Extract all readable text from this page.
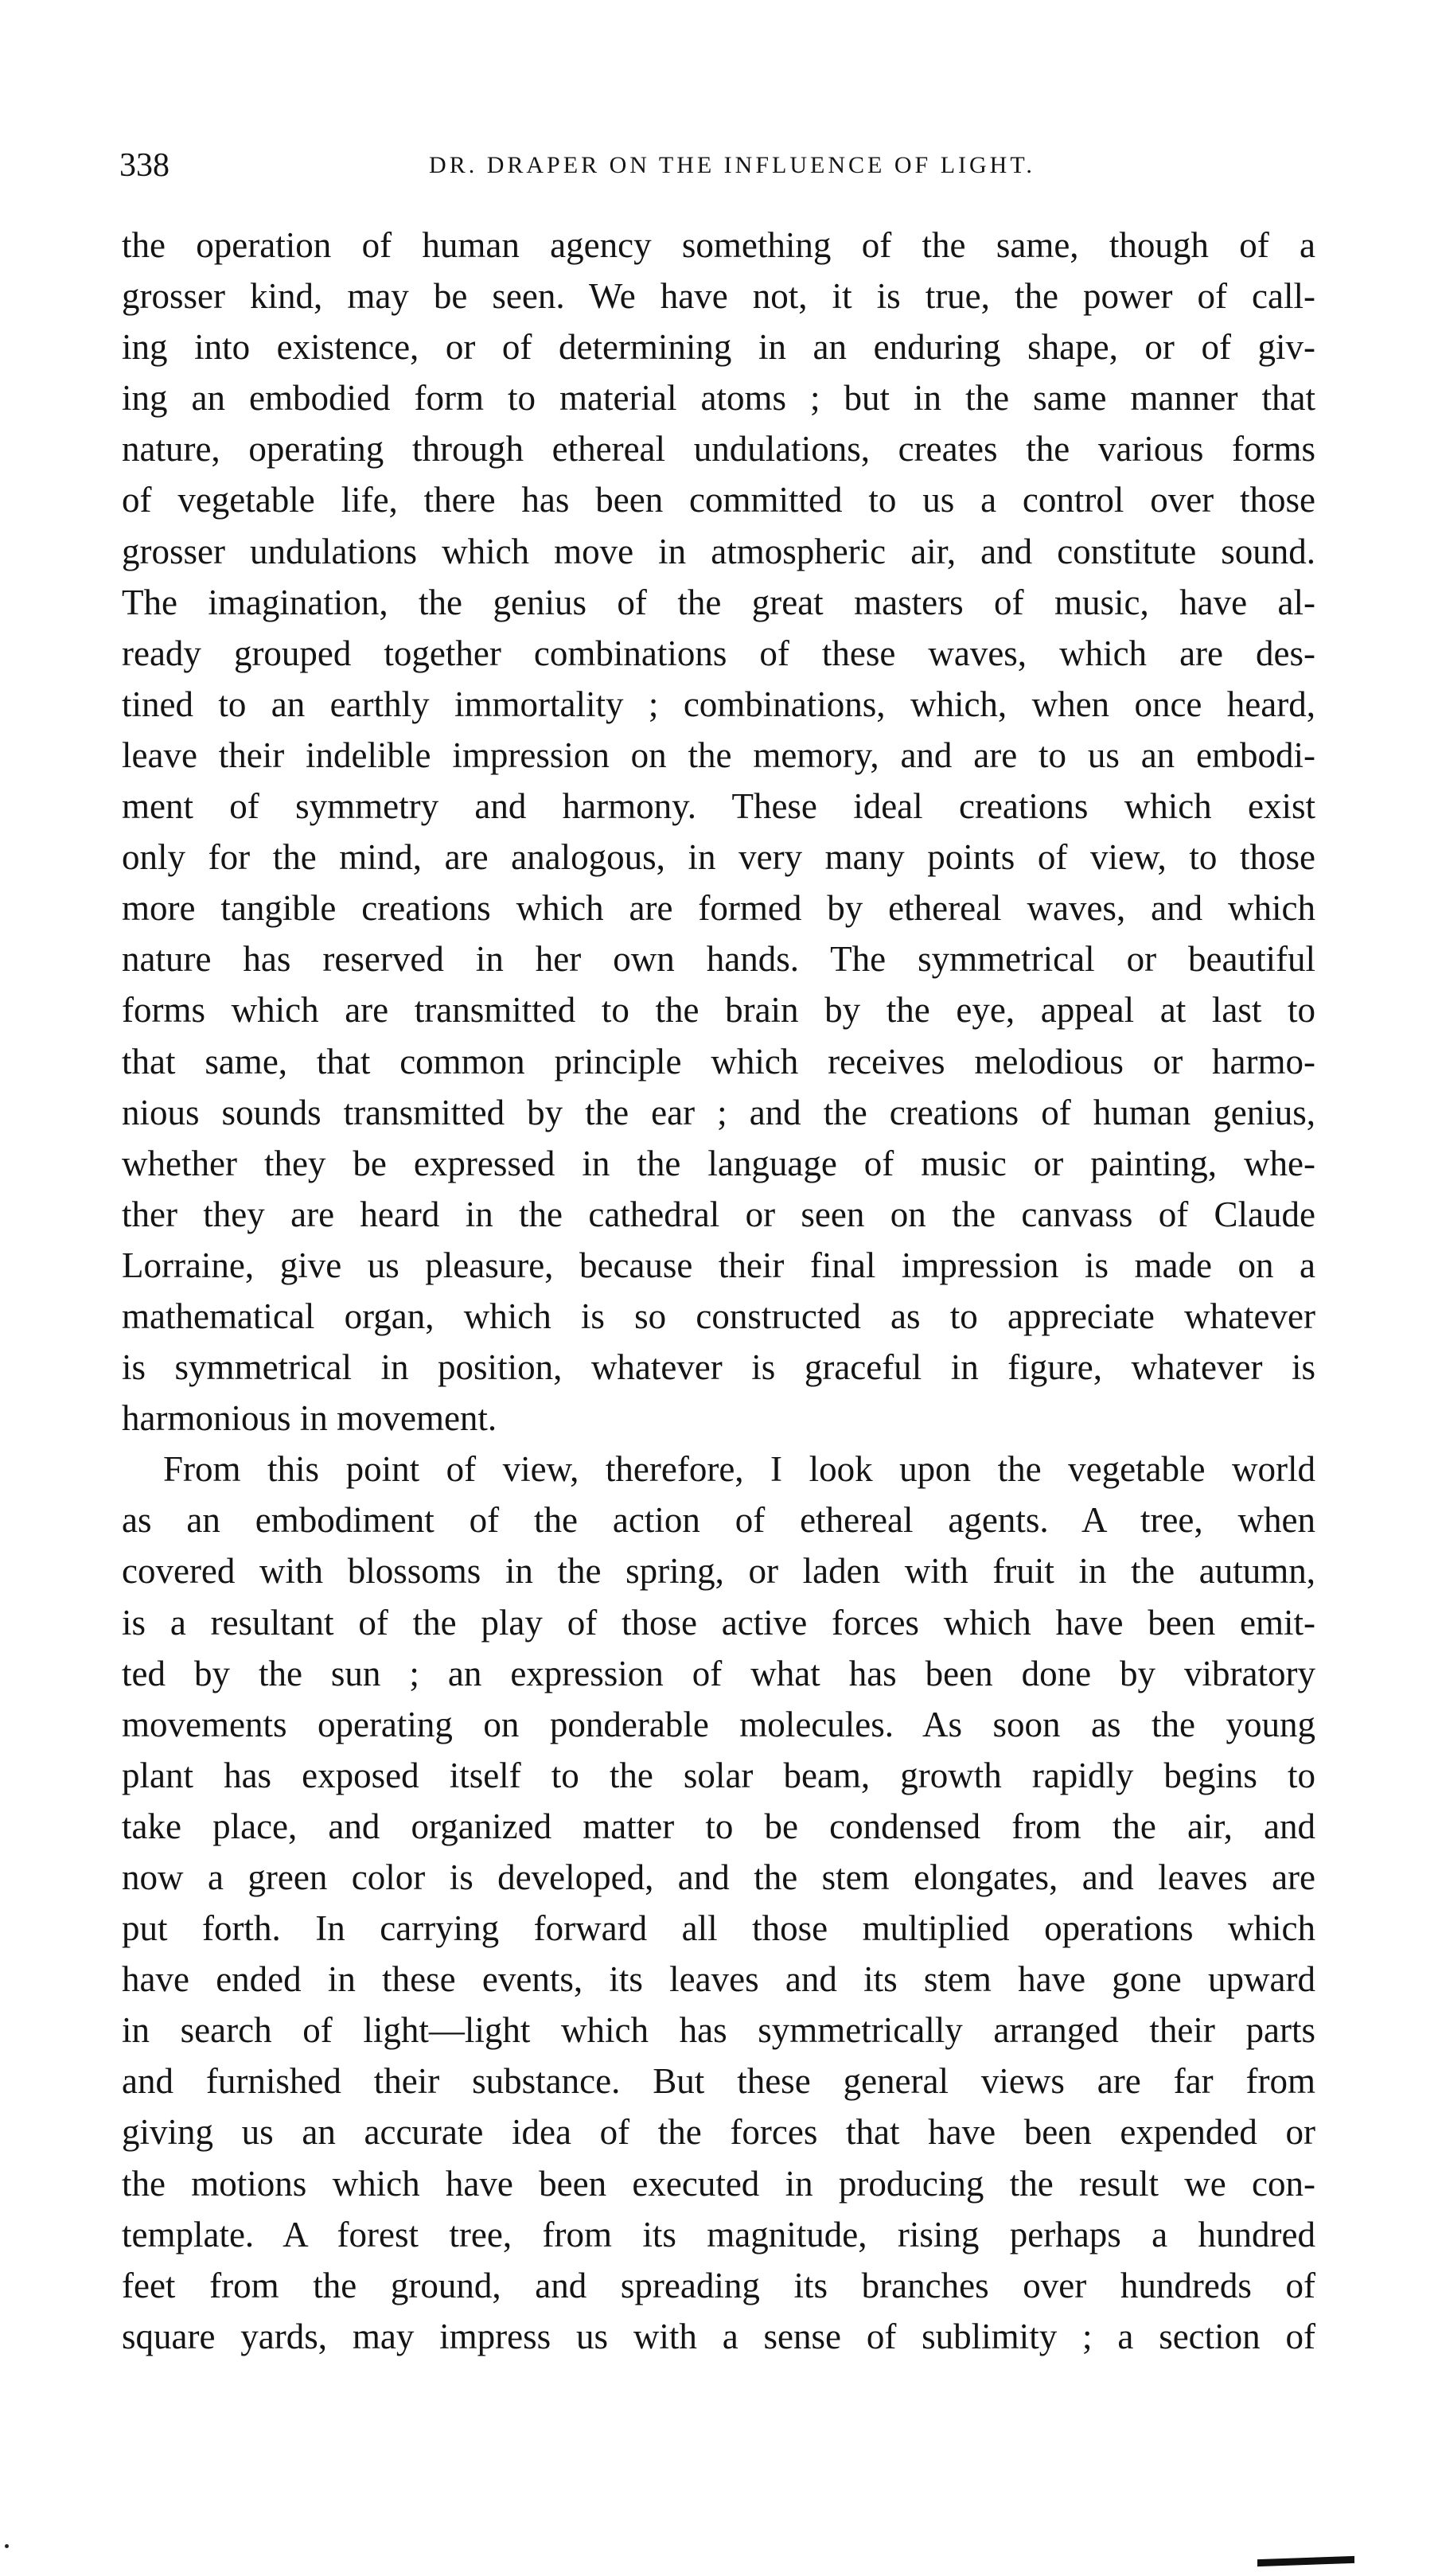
338	DR. DRAPER ON THE INFLUENCE OF LIGHT.
the operation of human agency something of the same, though of a
grosser kind, may be seen. We have not, it is true, the power of call-
ing into existence, or of determining in an enduring shape, or of giv-
ing an embodied form to material atoms ; but in the same manner that
nature, operating through ethereal undulations, creates the various forms
of vegetable life, there has been committed to us a control over those
grosser undulations which move in atmospheric air, and constitute sound.
The imagination, the genius of the great masters of music, have al-
ready grouped together combinations of these waves, which are des-
tined to an earthly immortality ; combinations, which, when once heard,
leave their indelible impression on the memory, and are to us an embodi-
ment of symmetry and harmony. These ideal creations which exist
only for the mind, are analogous, in very many points of view, to those
more tangible creations which are formed by ethereal waves, and which
nature has reserved in her own hands. The symmetrical or beautiful
forms which are transmitted to the brain by the eye, appeal at last to
that same, that common principle which receives melodious or harmo-
nious sounds transmitted by the ear ; and the creations of human genius,
whether they be expressed in the language of music or painting, whe-
ther they are heard in the cathedral or seen on the canvass of Claude
Lorraine, give us pleasure, because their final impression is made on a
mathematical organ, which is so constructed as to appreciate whatever
is symmetrical in position, whatever is graceful in figure, whatever is
harmonious in movement.
From this point of view, therefore, I look upon the vegetable world
as an embodiment of the action of ethereal agents. A tree, when
covered with blossoms in the spring, or laden with fruit in the autumn,
is a resultant of the play of those active forces which have been emit-
ted by the sun ; an expression of what has been done by vibratory
movements operating on ponderable molecules. As soon as the young
plant has exposed itself to the solar beam, growth rapidly begins to
take place, and organized matter to be condensed from the air, and
now a green color is developed, and the stem elongates, and leaves are
put forth. In carrying forward all those multiplied operations which
have ended in these events, its leaves and its stem have gone upward
in search of light—light which has symmetrically arranged their parts
and furnished their substance. But these general views are far from
giving us an accurate idea of the forces that have been expended or
the motions which have been executed in producing the result we con-
template. A forest tree, from its magnitude, rising perhaps a hundred
feet from the ground, and spreading its branches over hundreds of
square yards, may impress us with a sense of sublimity ; a section of
